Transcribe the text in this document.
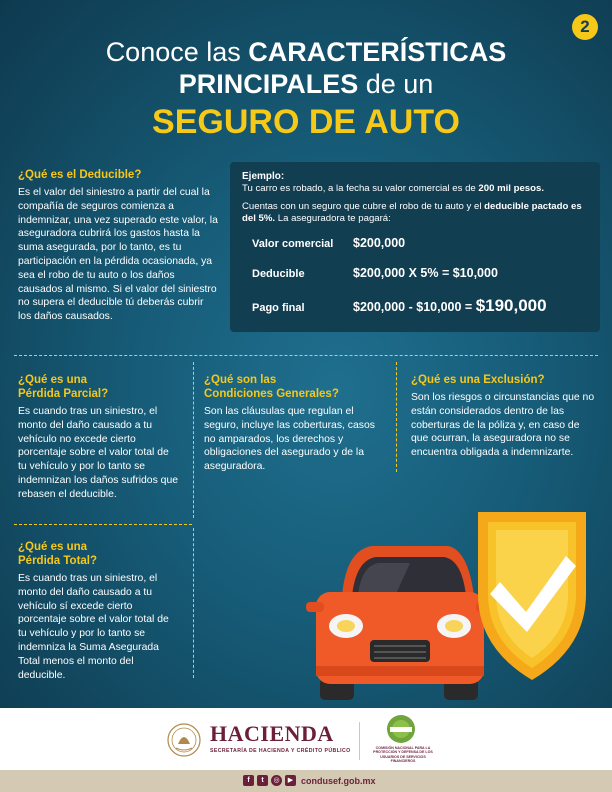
2
Conoce las CARACTERÍSTICAS
PRINCIPALES de un
SEGURO DE AUTO
¿Qué es el Deducible?
Es el valor del siniestro a partir del cual la compañía de seguros comienza a indemnizar, una vez superado este valor, la aseguradora cubrirá los gastos hasta la suma asegurada, por lo tanto, es tu participación en la pérdida ocasionada, ya sea el robo de tu auto o los daños causados al mismo. Si el valor del siniestro no supera el deducible tú deberás cubrir los daños causados.
Ejemplo:
Tu carro es robado, a la fecha su valor comercial es de 200 mil pesos.
Cuentas con un seguro que cubre el robo de tu auto y el deducible pactado es del 5%. La aseguradora te pagará:
Valor comercial	$200,000
Deducible	$200,000 X 5% = $10,000
Pago final	$200,000 - $10,000 = $190,000
¿Qué es una
Pérdida Parcial?
Es cuando tras un siniestro, el monto del daño causado a tu vehículo no excede cierto porcentaje sobre el valor total de tu vehículo y por lo tanto se indemnizan los daños sufridos que rebasen el deducible.
¿Qué son las
Condiciones Generales?
Son las cláusulas que regulan el seguro, incluye las coberturas, casos no amparados, los derechos y obligaciones del asegurado y de la aseguradora.
¿Qué es una Exclusión?
Son los riesgos o circunstancias que no están considerados dentro de las coberturas de la póliza y, en caso de que ocurran, la aseguradora no se encuentra obligada a indemnizarte.
¿Qué es una
Pérdida Total?
Es cuando tras un siniestro, el monto del daño causado a tu vehículo sí excede cierto porcentaje sobre el valor total de tu vehículo y por lo tanto se indemniza la Suma Asegurada Total menos el monto del deducible.
HACIENDA
SECRETARÍA DE HACIENDA Y CRÉDITO PÚBLICO	COMISIÓN NACIONAL PARA LA PROTECCIÓN Y DEFENSA DE LOS USUARIOS DE SERVICIOS FINANCIEROS
f	t	◎	▶ condusef.gob.mx
